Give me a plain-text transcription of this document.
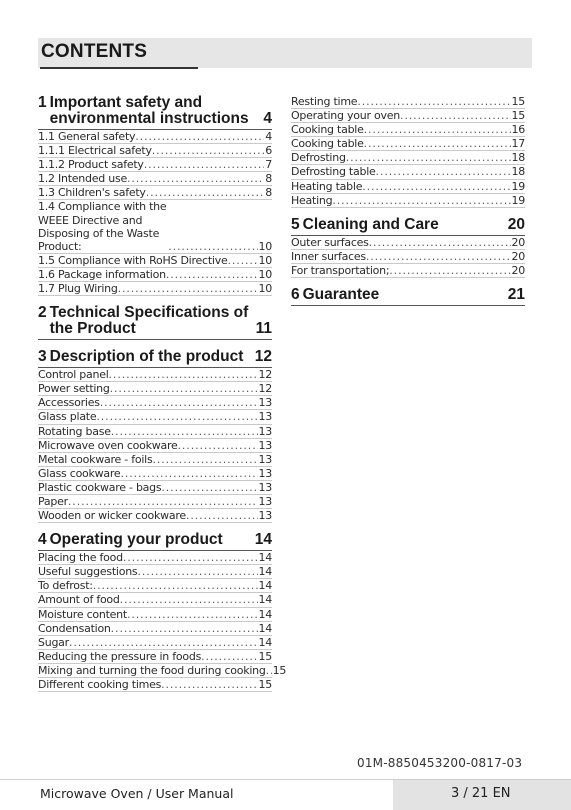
CONTENTS
1 Important safety and environmental instructions 4
1.1 General safety . . .	4
1.1.1 Electrical safety . . .	6
1.1.2 Product safety . . .	7
1.2 Intended use . . .	8
1.3 Children's safety . . .	8
1.4 Compliance with the WEEE Directive and Disposing of the Waste Product: . . .	10
1.5 Compliance with RoHS Directive . . .	10
1.6 Package information . . .	10
1.7 Plug Wiring . . .	10
2 Technical Specifications of the Product	11
3 Description of the product 12
Control panel . . .	12
Power setting . . .	12
Accessories . . .	13
Glass plate . . .	13
Rotating base . . .	13
Microwave oven cookware . . .	13
Metal cookware - foils . . .	13
Glass cookware . . .	13
Plastic cookware - bags . . .	13
Paper . . .	13
Wooden or wicker cookware . . .	13
4 Operating your product	14
Placing the food . . .	14
Useful suggestions . . .	14
To defrost: . . .	14
Amount of food . . .	14
Moisture content . . .	14
Condensation . . .	14
Sugar . . .	14
Reducing the pressure in foods . . .	15
Mixing and turning the food during cooking . . . 15
Different cooking times . . .	15
Resting time . . .	15
Operating your oven . . .	15
Cooking table . . .	16
Cooking table . . .	17
Defrosting . . .	18
Defrosting table . . .	18
Heating table . . .	19
Heating . . .	19
5 Cleaning and Care	20
Outer surfaces . . .	20
Inner surfaces . . .	20
For transportation; . . .	20
6 Guarantee	21
01M-8850453200-0817-03
Microwave Oven / User Manual	3 / 21 EN
